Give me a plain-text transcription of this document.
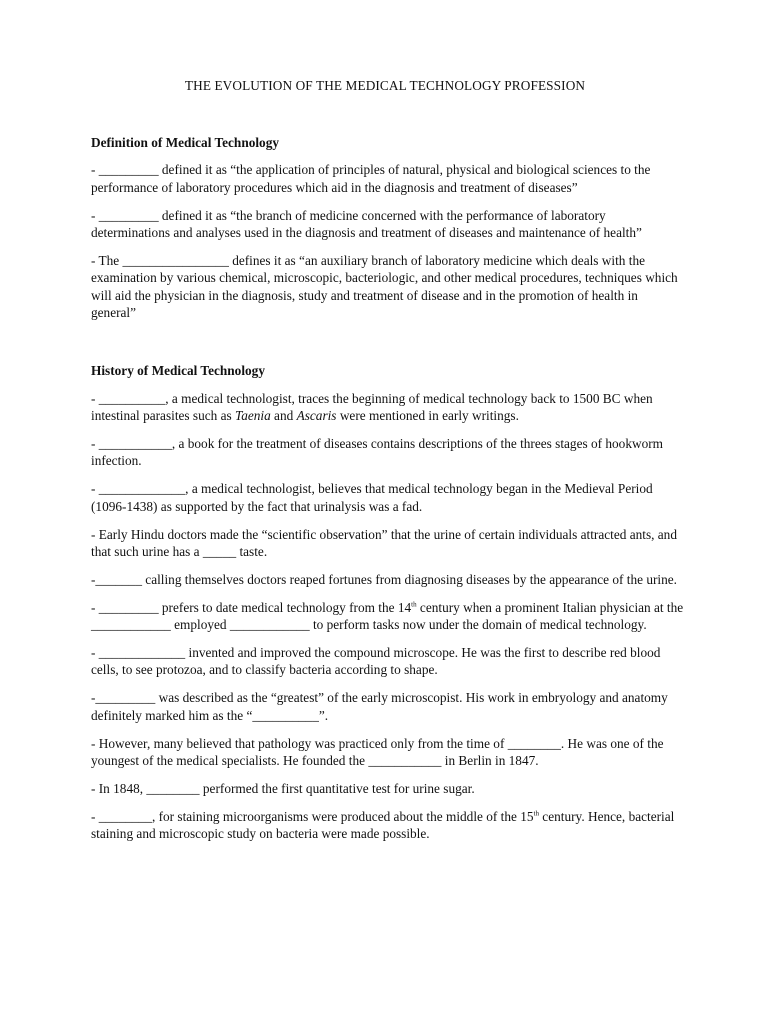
THE EVOLUTION OF THE MEDICAL TECHNOLOGY PROFESSION

Definition of Medical Technology

- _________ defined it as “the application of principles of natural, physical and biological sciences to the performance of laboratory procedures which aid in the diagnosis and treatment of diseases”

- _________ defined it as “the branch of medicine concerned with the performance of laboratory determinations and analyses used in the diagnosis and treatment of diseases and maintenance of health”

- The ________________ defines it as “an auxiliary branch of laboratory medicine which deals with the examination by various chemical, microscopic, bacteriologic, and other medical procedures, techniques which will aid the physician in the diagnosis, study and treatment of disease and in the promotion of health in general”

History of Medical Technology

- __________, a medical technologist, traces the beginning of medical technology back to 1500 BC when intestinal parasites such as Taenia and Ascaris were mentioned in early writings.

- ___________, a book for the treatment of diseases contains descriptions of the threes stages of hookworm infection.

- _____________, a medical technologist, believes that medical technology began in the Medieval Period (1096-1438) as supported by the fact that urinalysis was a fad.

- Early Hindu doctors made the “scientific observation” that the urine of certain individuals attracted ants, and that such urine has a _____ taste.

-_______ calling themselves doctors reaped fortunes from diagnosing diseases by the appearance of the urine.

- _________ prefers to date medical technology from the 14th century when a prominent Italian physician at the ____________ employed ____________ to perform tasks now under the domain of medical technology.

- _____________ invented and improved the compound microscope. He was the first to describe red blood cells, to see protozoa, and to classify bacteria according to shape.

-_________ was described as the “greatest” of the early microscopist. His work in embryology and anatomy definitely marked him as the “__________”.

- However, many believed that pathology was practiced only from the time of ________. He was one of the youngest of the medical specialists. He founded the ___________ in Berlin in 1847.

- In 1848, ________ performed the first quantitative test for urine sugar.

- ________, for staining microorganisms were produced about the middle of the 15th century. Hence, bacterial staining and microscopic study on bacteria were made possible.
